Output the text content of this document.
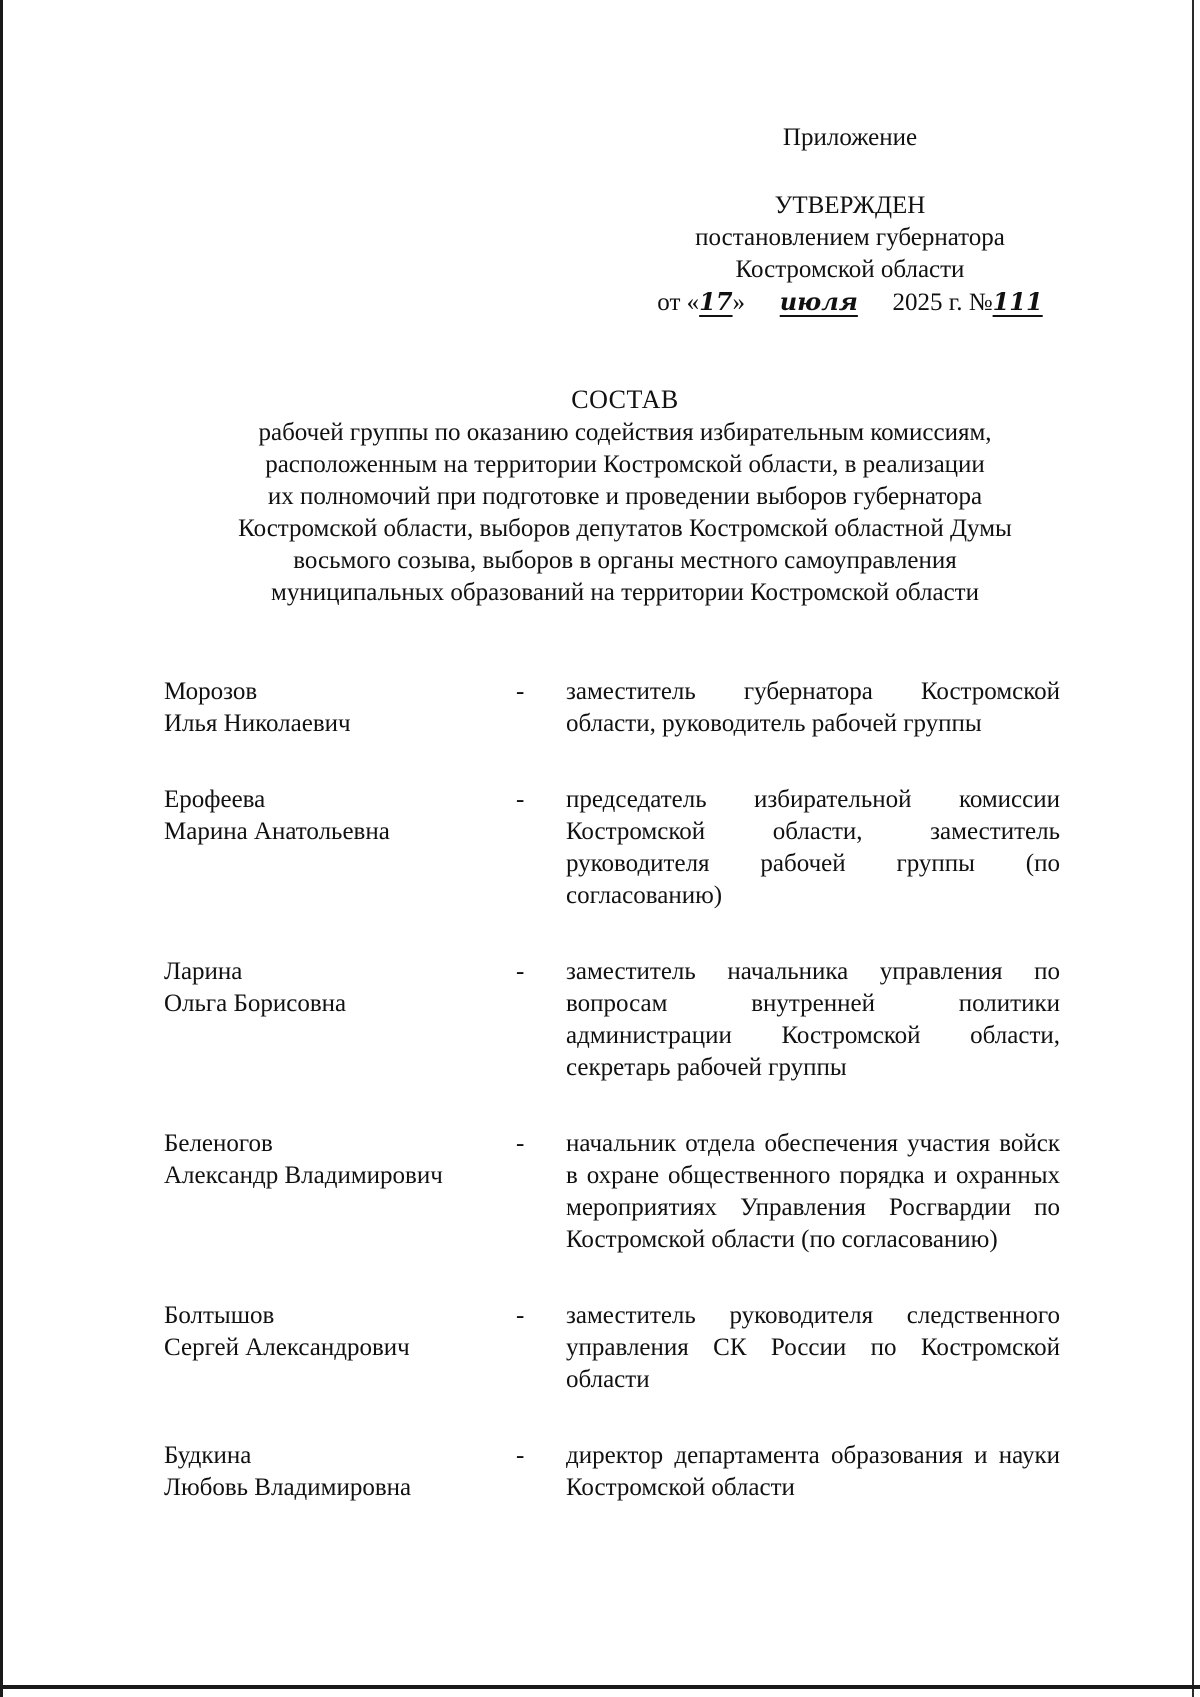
Приложение
УТВЕРЖДЕН
постановлением губернатора
Костромской области
от «17» июля 2025 г. №111
СОСТАВ
рабочей группы по оказанию содействия избирательным комиссиям,
расположенным на территории Костромской области, в реализации
их полномочий при подготовке и проведении выборов губернатора
Костромской области, выборов депутатов Костромской областной Думы
восьмого созыва, выборов в органы местного самоуправления
муниципальных образований на территории Костромской области
Морозов
Илья Николаевич
-	заместитель губернатора Костромской области, руководитель рабочей группы
Ерофеева
Марина Анатольевна
-	председатель избирательной комиссии Костромской области, заместитель руководителя рабочей группы (по согласованию)
Ларина
Ольга Борисовна
-	заместитель начальника управления по вопросам внутренней политики администрации Костромской области, секретарь рабочей группы
Беленогов
Александр Владимирович
-	начальник отдела обеспечения участия войск в охране общественного порядка и охранных мероприятиях Управления Росгвардии по Костромской области (по согласованию)
Болтышов
Сергей Александрович
-	заместитель руководителя следственного управления СК России по Костромской области
Будкина
Любовь Владимировна
-	директор департамента образования и науки Костромской области
